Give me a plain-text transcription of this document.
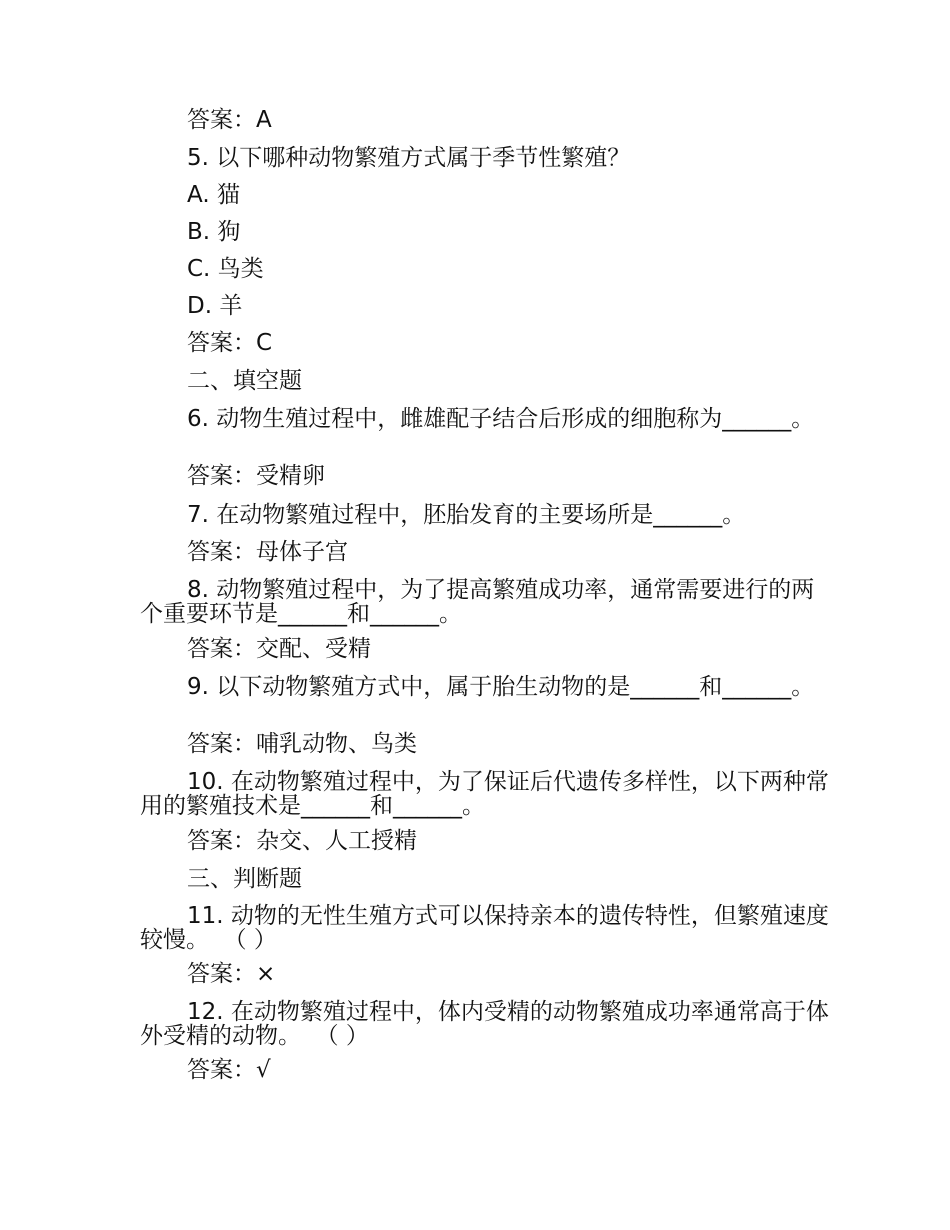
答案：A
5. 以下哪种动物繁殖方式属于季节性繁殖？
A. 猫
B. 狗
C. 鸟类
D. 羊
答案：C
二、填空题
6. 动物生殖过程中，雌雄配子结合后形成的细胞称为______。
答案：受精卵
7. 在动物繁殖过程中，胚胎发育的主要场所是______。
答案：母体子宫
8. 动物繁殖过程中，为了提高繁殖成功率，通常需要进行的两个重要环节是______和______。
答案：交配、受精
9. 以下动物繁殖方式中，属于胎生动物的是______和______。
答案：哺乳动物、鸟类
10. 在动物繁殖过程中，为了保证后代遗传多样性，以下两种常用的繁殖技术是______和______。
答案：杂交、人工授精
三、判断题
11. 动物的无性生殖方式可以保持亲本的遗传特性，但繁殖速度较慢。  （ ）
答案：×
12. 在动物繁殖过程中，体内受精的动物繁殖成功率通常高于体外受精的动物。  （ ）
答案：√
